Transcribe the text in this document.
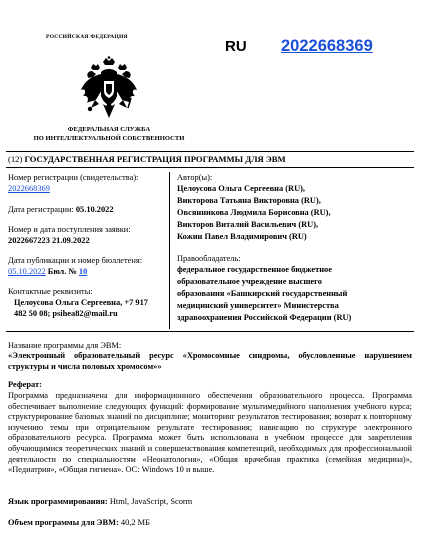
РОССИЙСКАЯ ФЕДЕРАЦИЯ
ФЕДЕРАЛЬНАЯ СЛУЖБА
ПО ИНТЕЛЛЕКТУАЛЬНОЙ СОБСТВЕННОСТИ
RU 2022668369
(12) ГОСУДАРСТВЕННАЯ РЕГИСТРАЦИЯ ПРОГРАММЫ ДЛЯ ЭВМ
Номер регистрации (свидетельства):
2022668369
Дата регистрации: 05.10.2022
Номер и дата поступления заявки:
2022667223 21.09.2022
Дата публикации и номер бюллетеня:
05.10.2022 Бюл. № 10
Контактные реквизиты:
Целоусова Ольга Сергеевна, +7 917
482 50 08; psihea82@mail.ru
Автор(ы):
Целоусова Ольга Сергеевна (RU),
Викторова Татьяна Викторовна (RU),
Овсянникова Людмила Борисовна (RU),
Викторов Виталий Васильевич (RU),
Кожин Павел Владимирович (RU)
Правообладатель:
федеральное государственное бюджетное
образовательное учреждение высшего
образования «Башкирский государственный
медицинский университет» Министерства
здравоохранения Российской Федерации (RU)
Название программы для ЭВМ:
«Электронный образовательный ресурс «Хромосомные синдромы, обусловленные нарушением структуры и числа половых хромосом»»
Реферат:
Программа предназначена для информационного обеспечения образовательного процесса. Программа обеспечивает выполнение следующих функций: формирование мультимедийного наполнения учебного курса; структурирование базовых знаний по дисциплине; мониторинг результатов тестирования; возврат к повторному изучению темы при отрицательном результате тестирования; навигацию по структуре электронного образовательного ресурса. Программа может быть использована в учебном процессе для закрепления обучающимися теоретических знаний и совершенствования компетенций, необходимых для профессиональной деятельности по специальностям «Неонатология», «Общая врачебная практика (семейная медицина)», «Педиатрия», «Общая гигиена». ОС: Windows 10 и выше.
Язык программирования: Html, JavaScript, Scorm
Объем программы для ЭВМ: 40,2 МБ
